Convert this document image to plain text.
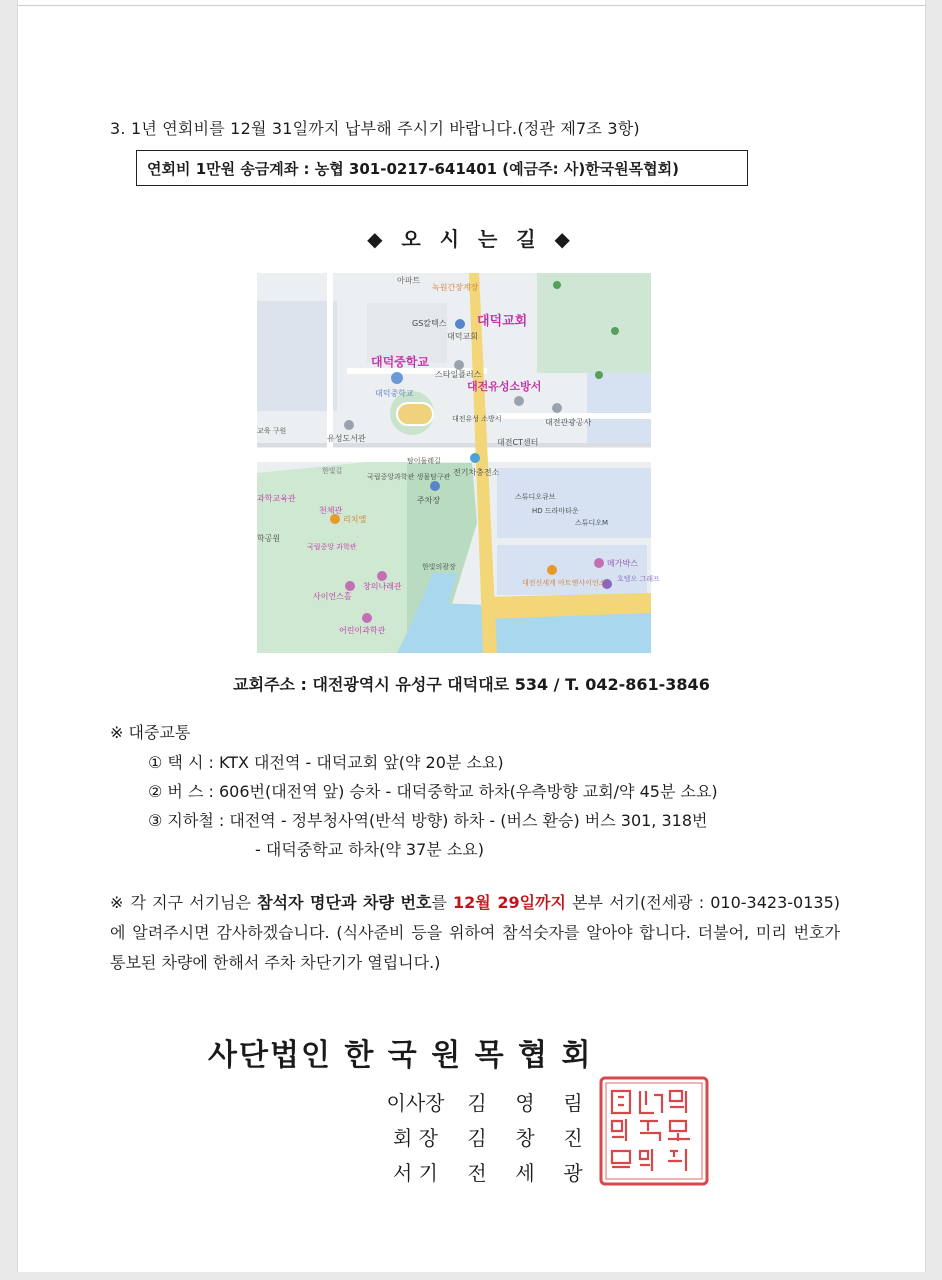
3. 1년 연회비를 12월 31일까지 납부해 주시기 바랍니다.(정관 제7조 3항)
연회비 1만원 송금계좌 : 농협 301-0217-641401 (예금주: 사)한국원목협회)
◆ 오 시 는 길 ◆
아파트
녹원간장계장
GS칼텍스 대덕교회
대덕교회
대덕중학교
대덕중학교
스타일플러스
대전유성소방서
대전유성 소방서	대전관광공사
대전CT센터
유성도서관
교육 구원
탐이둘레길
한빛길
국립중앙과학관 생물탐구관 전기차충전소
주차장	스튜디오큐브
HD 드라마타운
스튜디오M
과학교육관
천체관
리치엘
학공원
국립중앙 과학관
한빛의광장	메가박스
대전신세계 아트앤사이언스 호텔오 그래프
창의나래관
사이언스홀
어린이과학관
교회주소 : 대전광역시 유성구 대덕대로 534 / T. 042-861-3846
※ 대중교통
① 택 시 : KTX 대전역 - 대덕교회 앞(약 20분 소요)
② 버 스 : 606번(대전역 앞) 승차 - 대덕중학교 하차(우측방향 교회/약 45분 소요)
③ 지하철 : 대전역 - 정부청사역(반석 방향) 하차 - (버스 환승) 버스 301, 318번
- 대덕중학교 하차(약 37분 소요)
※ 각 지구 서기님은 참석자 명단과 차량 번호를 12월 29일까지 본부 서기(전세광 : 010-3423-0135)에 알려주시면 감사하겠습니다. (식사준비 등을 위하여 참석숫자를 알아야 합니다. 더불어, 미리 번호가 통보된 차량에 한해서 주차 차단기가 열립니다.)
사단법인 한 국 원 목 협 회
이사장 김 영 림
회 장 김 창 진
서 기 전 세 광
